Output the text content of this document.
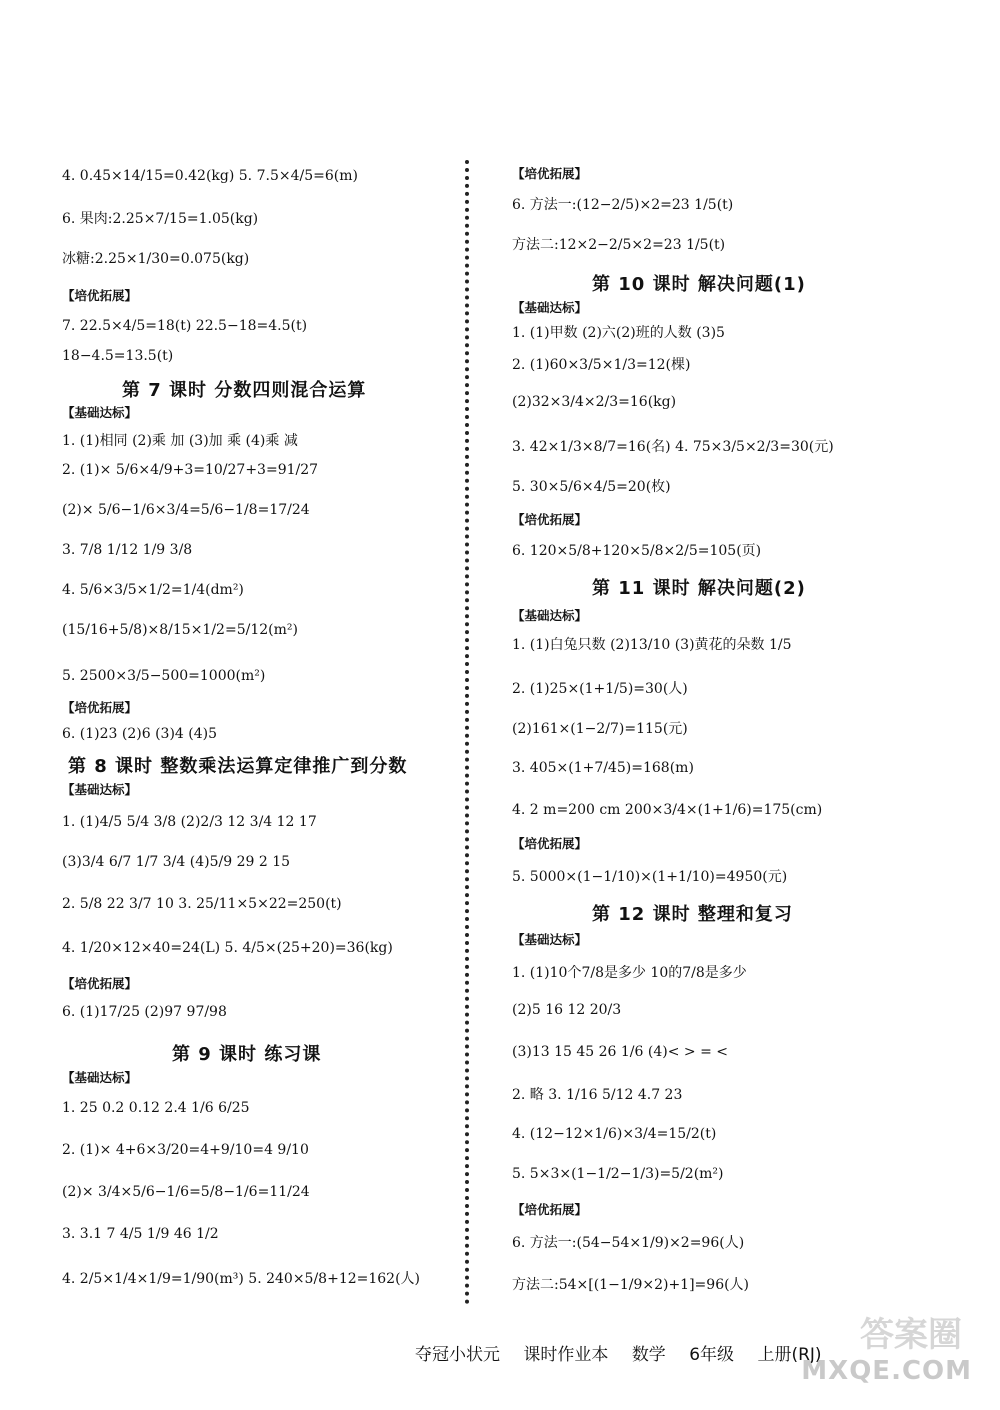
【培优拓展】
【基础达标】
【培优拓展】
【基础达标】
【培优拓展】
【基础达标】
第 7 课时 分数四则混合运算
第 8 课时 整数乘法运算定律推广到分数
第 9 课时 练习课
4. 0.45×14/15=0.42(kg) 5. 7.5×4/5=6(m)
6. 果肉:2.25×7/15=1.05(kg)
冰糖:2.25×1/30=0.075(kg)
7. 22.5×4/5=18(t) 22.5−18=4.5(t)
18−4.5=13.5(t)
1. (1)相同 (2)乘 加 (3)加 乘 (4)乘 减
2. (1)× 5/6×4/9+3=10/27+3=91/27
(2)× 5/6−1/6×3/4=5/6−1/8=17/24
3. 7/8 1/12 1/9 3/8
4. 5/6×3/5×1/2=1/4(dm²)
(15/16+5/8)×8/15×1/2=5/12(m²)
5. 2500×3/5−500=1000(m²)
6. (1)23 (2)6 (3)4 (4)5
1. (1)4/5 5/4 3/8 (2)2/3 12 3/4 12 17
(3)3/4 6/7 1/7 3/4 (4)5/9 29 2 15
2. 5/8 22 3/7 10 3. 25/11×5×22=250(t)
4. 1/20×12×40=24(L) 5. 4/5×(25+20)=36(kg)
6. (1)17/25 (2)97 97/98
1. 25 0.2 0.12 2.4 1/6 6/25
2. (1)× 4+6×3/20=4+9/10=4 9/10
(2)× 3/4×5/6−1/6=5/8−1/6=11/24
3. 3.1 7 4/5 1/9 46 1/2
4. 2/5×1/4×1/9=1/90(m³) 5. 240×5/8+12=162(人)
【培优拓展】
【基础达标】
【培优拓展】
【基础达标】
【培优拓展】
【基础达标】
【培优拓展】
第 10 课时 解决问题(1)
第 11 课时 解决问题(2)
第 12 课时 整理和复习
6. 方法一:(12−2/5)×2=23 1/5(t)
方法二:12×2−2/5×2=23 1/5(t)
1. (1)甲数 (2)六(2)班的人数 (3)5
2. (1)60×3/5×1/3=12(棵)
(2)32×3/4×2/3=16(kg)
3. 42×1/3×8/7=16(名) 4. 75×3/5×2/3=30(元)
5. 30×5/6×4/5=20(枚)
6. 120×5/8+120×5/8×2/5=105(页)
1. (1)白兔只数 (2)13/10 (3)黄花的朵数 1/5
2. (1)25×(1+1/5)=30(人)
(2)161×(1−2/7)=115(元)
3. 405×(1+7/45)=168(m)
4. 2 m=200 cm 200×3/4×(1+1/6)=175(cm)
5. 5000×(1−1/10)×(1+1/10)=4950(元)
1. (1)10个7/8是多少 10的7/8是多少
(2)5 16 12 20/3
(3)13 15 45 26 1/6 (4)< > = <
2. 略 3. 1/16 5/12 4.7 23
4. (12−12×1/6)×3/4=15/2(t)
5. 5×3×(1−1/2−1/3)=5/2(m²)
6. 方法一:(54−54×1/9)×2=96(人)
方法二:54×[(1−1/9×2)+1]=96(人)
夺冠小状元 课时作业本 数学 6年级 上册(RJ)	答案圈
MXQE.COM
